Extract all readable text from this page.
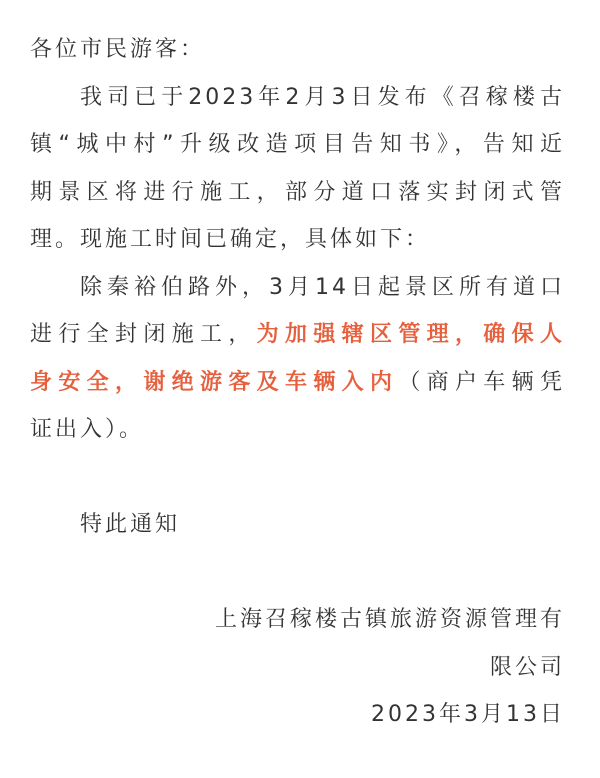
各位市民游客：
我司已于2023年2月3日发布《召稼楼古
镇“城中村”升级改造项目告知书》，告知近
期景区将进行施工，部分道口落实封闭式管
理。现施工时间已确定，具体如下：
除秦裕伯路外，3月14日起景区所有道口
进行全封闭施工，为加强辖区管理，确保人
身安全，谢绝游客及车辆入内（商户车辆凭
证出入）。
特此通知
上海召稼楼古镇旅游资源管理有
限公司
2023年3月13日
